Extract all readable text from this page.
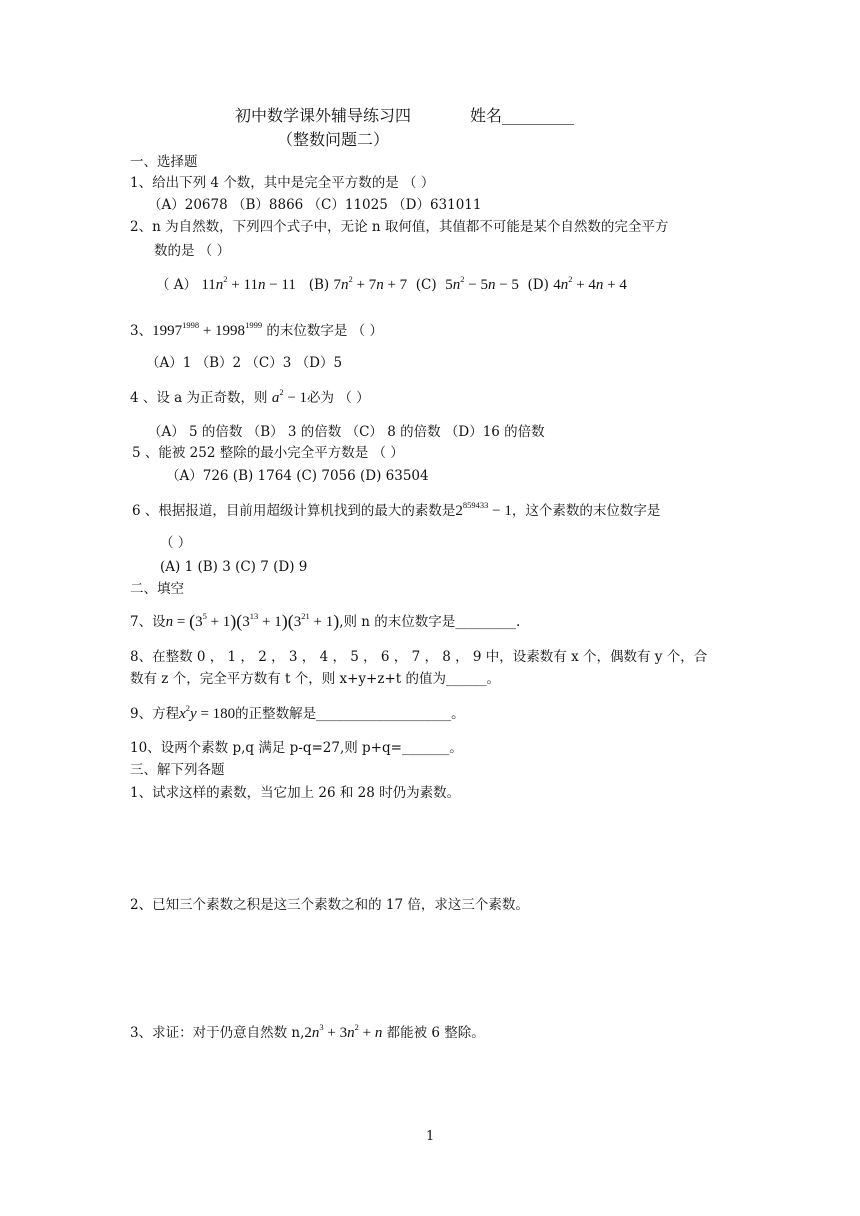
初中数学课外辅导练习四	姓名_________
（整数问题二）
一、选择题
1、给出下列 4 个数，其中是完全平方数的是 （ ）
（A）20678 （B）8866 （C）11025 （D）631011
2、n 为自然数，下列四个式子中，无论 n 取何值，其值都不可能是某个自然数的完全平方
数的是 （ ）
（ A） $11n^2 + 11n - 11$ (B) $7n^2 + 7n + 7$ (C) $5n^2 - 5n - 5$ (D) $4n^2 + 4n + 4$
3、$1997^{1998} + 1998^{1999}$ 的末位数字是 （ ）
（A）1 （B）2 （C）3 （D）5
4 、设 a 为正奇数，则 $a^2 - 1$必为 （ ）
（A） 5 的倍数 （B） 3 的倍数 （C） 8 的倍数 （D）16 的倍数
5 、能被 252 整除的最小完全平方数是 （ ）
（A）726 (B) 1764 (C) 7056 (D) 63504
6 、根据报道，目前用超级计算机找到的最大的素数是$2^{859433} - 1$，这个素数的末位数字是
（ ）
(A) 1 (B) 3 (C) 7 (D) 9
二、填空
7、设$n = (3^5 + 1)(3^{13} + 1)(3^{21} + 1)$,则 n 的末位数字是_________.
8、在整数 0 ， 1 ， 2 ， 3 ， 4 ， 5 ， 6 ， 7 ， 8 ， 9 中，设素数有 x 个，偶数有 y 个，合
数有 z 个，完全平方数有 t 个，则 x+y+z+t 的值为______。
9、方程$x^2y = 180$的正整数解是____________________。
10、设两个素数 p,q 满足 p-q=27,则 p+q=_______。
三、解下列各题
1、试求这样的素数，当它加上 26 和 28 时仍为素数。
2、已知三个素数之积是这三个素数之和的 17 倍，求这三个素数。
3、求证：对于仍意自然数 $n,2n^3 + 3n^2 + n$ 都能被 6 整除。
1
